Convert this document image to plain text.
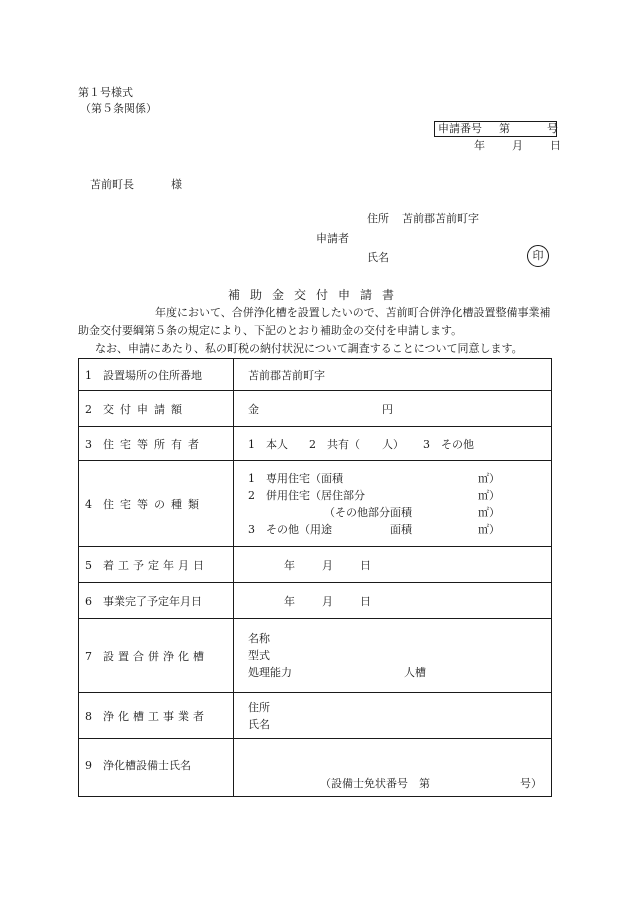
第１号様式
（第５条関係）
申請番号 第	号
年 月 日
苫前町長	様
住所 苫前郡苫前町字
申請者
氏名	印
補助金交付申請書
　　　　　　　年度において、合併浄化槽を設置したいので、苫前町合併浄化槽設置整備事業補助金交付要綱第５条の規定により、下記のとおり補助金の交付を申請します。
　なお、申請にあたり、私の町税の納付状況について調査することについて同意します。
1 設置場所の住所番地	苫前郡苫前町字
2 交付申請額	金 円
3 住宅等所有者	1　本人 2　共有（　　人） 3　その他
4 住宅等の種類	1　専用住宅（面積 ㎡）
2　併用住宅（居住部分 ㎡）
（その他部分面積 ㎡）
3　その他（用途 面積 ㎡）

5 着工予定年月日	年 月 日
6 事業完了予定年月日	年 月 日
7 設置合併浄化槽	名称
型式
処理能力 人槽

8 浄化槽工事業者	住所
氏名

9 浄化槽設備士氏名	（設備士免状番号　第 号）
